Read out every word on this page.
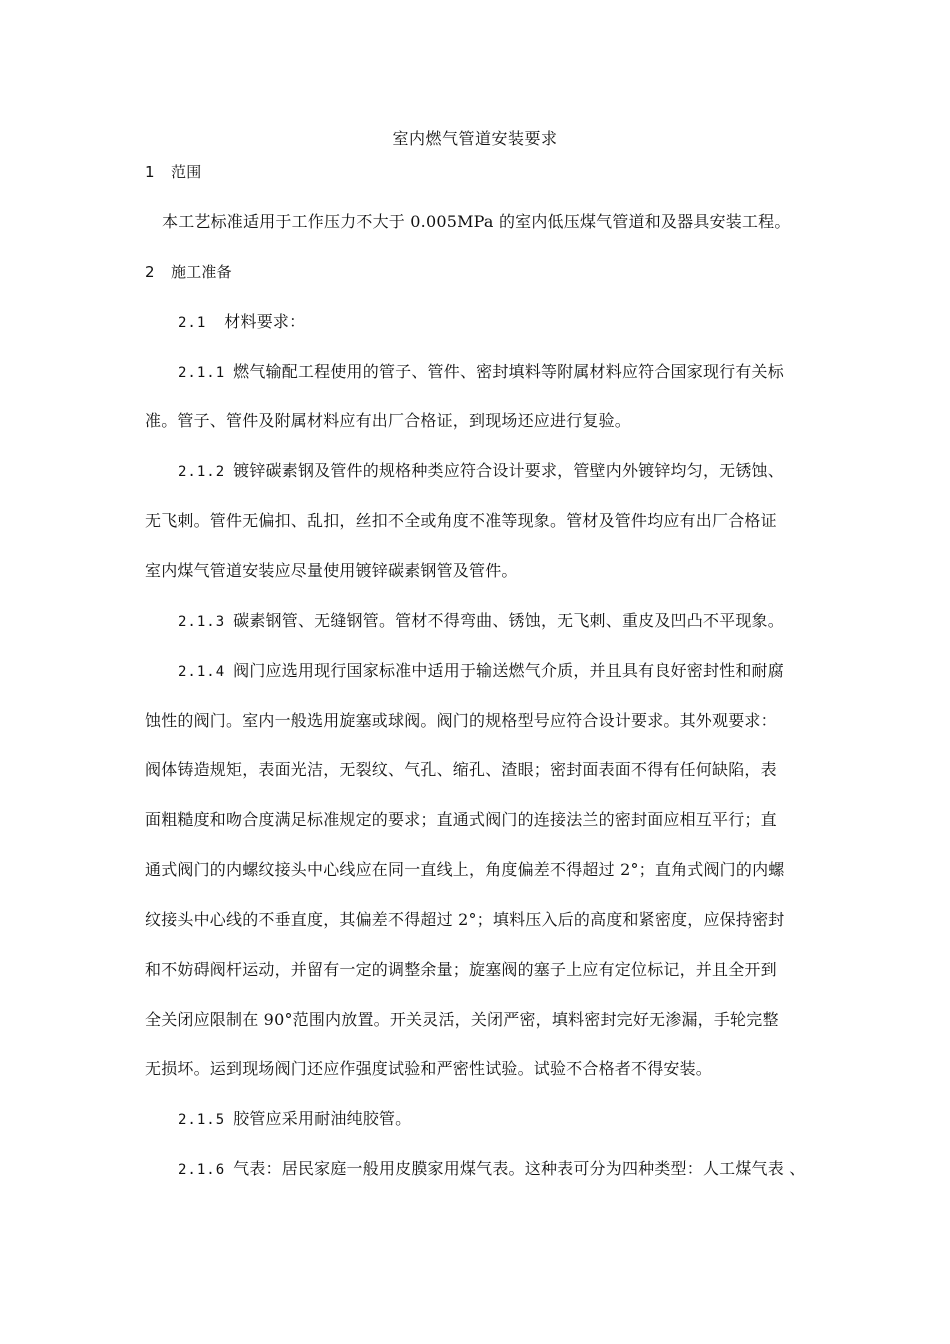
室内燃气管道安装要求
1 范围
本工艺标准适用于工作压力不大于 0.005MPa 的室内低压煤气管道和及器具安装工程。
2 施工准备
2.1 材料要求：
2.1.1 燃气输配工程使用的管子、管件、密封填料等附属材料应符合国家现行有关标
准。管子、管件及附属材料应有出厂合格证，到现场还应进行复验。
2.1.2 镀锌碳素钢及管件的规格种类应符合设计要求，管壁内外镀锌均匀，无锈蚀、
无飞刺。管件无偏扣、乱扣，丝扣不全或角度不准等现象。管材及管件均应有出厂合格证
室内煤气管道安装应尽量使用镀锌碳素钢管及管件。
2.1.3 碳素钢管、无缝钢管。管材不得弯曲、锈蚀，无飞刺、重皮及凹凸不平现象。
2.1.4 阀门应选用现行国家标准中适用于输送燃气介质，并且具有良好密封性和耐腐
蚀性的阀门。室内一般选用旋塞或球阀。阀门的规格型号应符合设计要求。其外观要求：
阀体铸造规矩，表面光洁，无裂纹、气孔、缩孔、渣眼；密封面表面不得有任何缺陷，表
面粗糙度和吻合度满足标准规定的要求；直通式阀门的连接法兰的密封面应相互平行；直
通式阀门的内螺纹接头中心线应在同一直线上，角度偏差不得超过 2°；直角式阀门的内螺
纹接头中心线的不垂直度，其偏差不得超过 2°；填料压入后的高度和紧密度，应保持密封
和不妨碍阀杆运动，并留有一定的调整余量；旋塞阀的塞子上应有定位标记，并且全开到
全关闭应限制在 90°范围内放置。开关灵活，关闭严密，填料密封完好无渗漏，手轮完整
无损坏。运到现场阀门还应作强度试验和严密性试验。试验不合格者不得安装。
2.1.5 胶管应采用耐油纯胶管。
2.1.6 气表：居民家庭一般用皮膜家用煤气表。这种表可分为四种类型：人工煤气表 、
